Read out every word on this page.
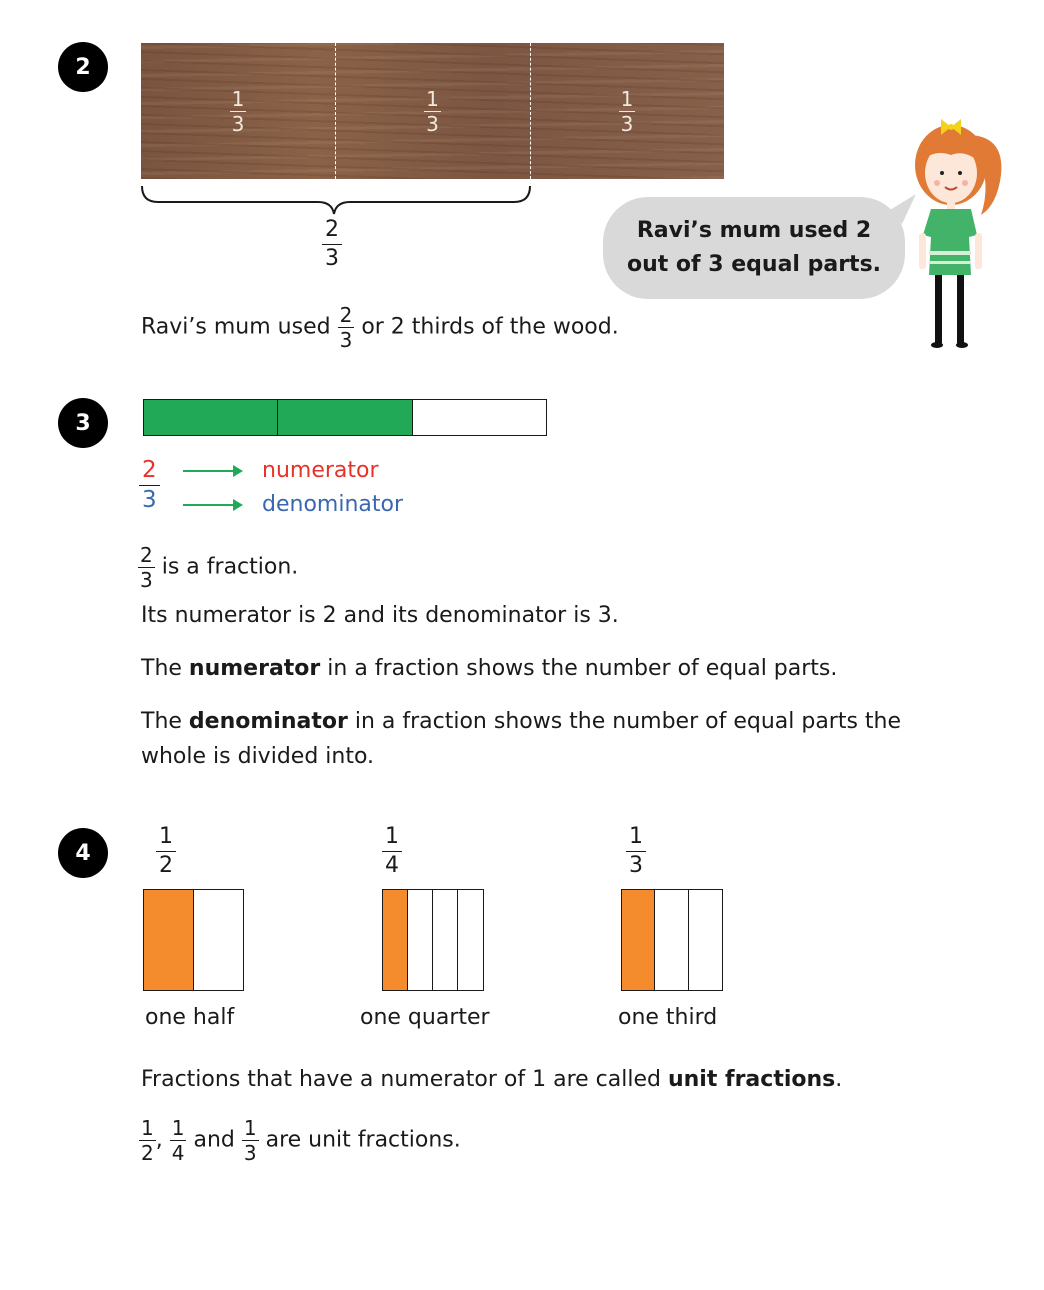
2
$\frac{1}{3}$	$\frac{1}{3}$	$\frac{1}{3}$
$\frac{2}{3}$
Ravi’s mum used $\frac{2}{3}$ or 2 thirds of the wood.
Ravi’s mum used 2
out of 3 equal parts.
3
$\frac{2}{3}$	numerator
denominator
$\frac{2}{3}$ is a fraction.
Its numerator is 2 and its denominator is 3.
The numerator in a fraction shows the number of equal parts.
The denominator in a fraction shows the number of equal parts the
whole is divided into.
4	$\frac{1}{2}$
one half
$\frac{1}{4}$
one quarter
$\frac{1}{3}$
one third
Fractions that have a numerator of 1 are called unit fractions.
$\frac{1}{2}$ , $\frac{1}{4}$ and $\frac{1}{3}$ are unit fractions.
